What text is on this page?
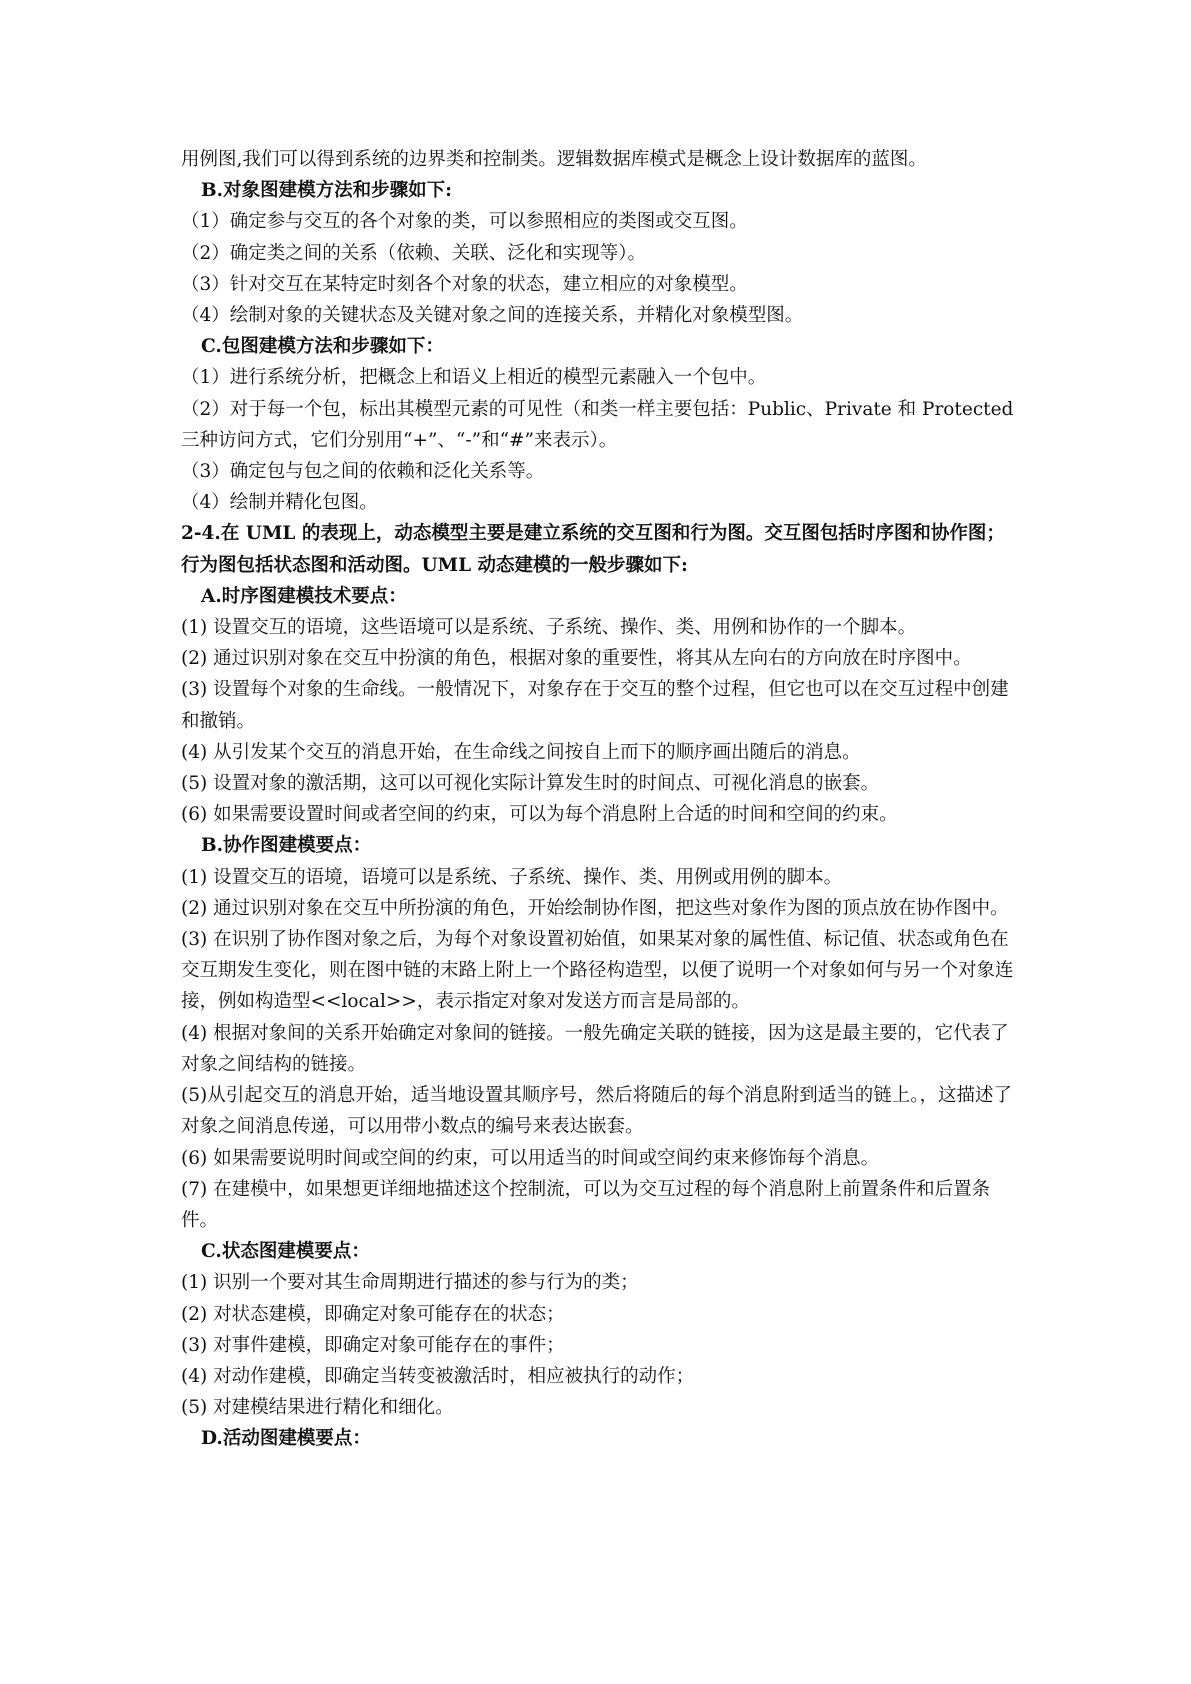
用例图,我们可以得到系统的边界类和控制类。逻辑数据库模式是概念上设计数据库的蓝图。

B.对象图建模方法和步骤如下:

（1）确定参与交互的各个对象的类，可以参照相应的类图或交互图。

（2）确定类之间的关系（依赖、关联、泛化和实现等）。

（3）针对交互在某特定时刻各个对象的状态，建立相应的对象模型。

（4）绘制对象的关键状态及关键对象之间的连接关系，并精化对象模型图。

C.包图建模方法和步骤如下：

（1）进行系统分析，把概念上和语义上相近的模型元素融入一个包中。

（2）对于每一个包，标出其模型元素的可见性（和类一样主要包括：Public、Private 和 Protected 三种访问方式，它们分别用“+”、“-”和“#”来表示）。

（3）确定包与包之间的依赖和泛化关系等。

（4）绘制并精化包图。

2-4.在 UML 的表现上，动态模型主要是建立系统的交互图和行为图。交互图包括时序图和协作图；行为图包括状态图和活动图。UML 动态建模的一般步骤如下:

A.时序图建模技术要点：

(1) 设置交互的语境，这些语境可以是系统、子系统、操作、类、用例和协作的一个脚本。

(2) 通过识别对象在交互中扮演的角色，根据对象的重要性，将其从左向右的方向放在时序图中。

(3) 设置每个对象的生命线。一般情况下，对象存在于交互的整个过程，但它也可以在交互过程中创建和撤销。

(4) 从引发某个交互的消息开始，在生命线之间按自上而下的顺序画出随后的消息。

(5) 设置对象的激活期，这可以可视化实际计算发生时的时间点、可视化消息的嵌套。

(6) 如果需要设置时间或者空间的约束，可以为每个消息附上合适的时间和空间的约束。

B.协作图建模要点：

(1) 设置交互的语境，语境可以是系统、子系统、操作、类、用例或用例的脚本。

(2) 通过识别对象在交互中所扮演的角色，开始绘制协作图，把这些对象作为图的顶点放在协作图中。

(3) 在识别了协作图对象之后，为每个对象设置初始值，如果某对象的属性值、标记值、状态或角色在交互期发生变化，则在图中链的末路上附上一个路径构造型，以便了说明一个对象如何与另一个对象连接，例如构造型<<local>>，表示指定对象对发送方而言是局部的。

(4) 根据对象间的关系开始确定对象间的链接。一般先确定关联的链接，因为这是最主要的，它代表了对象之间结构的链接。

(5)从引起交互的消息开始，适当地设置其顺序号，然后将随后的每个消息附到适当的链上。，这描述了对象之间消息传递，可以用带小数点的编号来表达嵌套。

(6) 如果需要说明时间或空间的约束，可以用适当的时间或空间约束来修饰每个消息。

(7) 在建模中，如果想更详细地描述这个控制流，可以为交互过程的每个消息附上前置条件和后置条件。

C.状态图建模要点：

(1) 识别一个要对其生命周期进行描述的参与行为的类；

(2) 对状态建模，即确定对象可能存在的状态；

(3) 对事件建模，即确定对象可能存在的事件；

(4) 对动作建模，即确定当转变被激活时，相应被执行的动作；

(5) 对建模结果进行精化和细化。

D.活动图建模要点：
